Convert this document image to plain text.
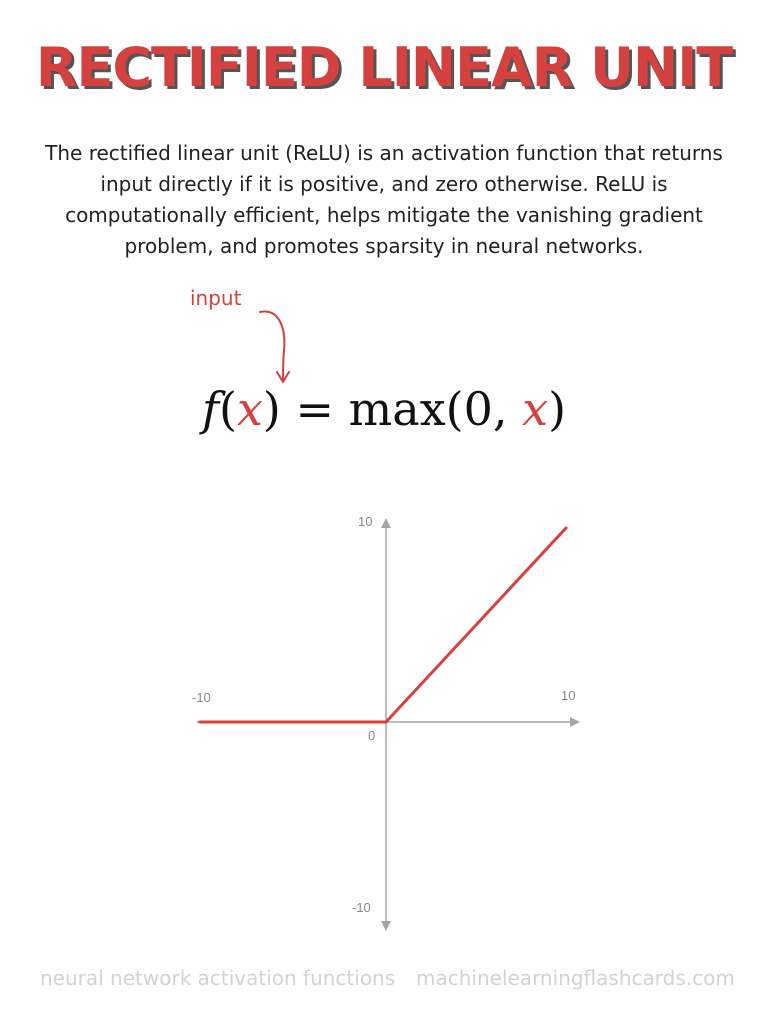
RECTIFIED LINEAR UNIT
The rectified linear unit (ReLU) is an activation function that returns input directly if it is positive, and zero otherwise. ReLU is computationally efficient, helps mitigate the vanishing gradient problem, and promotes sparsity in neural networks.
input
f(x) = max(0, x)
10
-10	10
0
-10
neural network activation functions machinelearningflashcards.com
